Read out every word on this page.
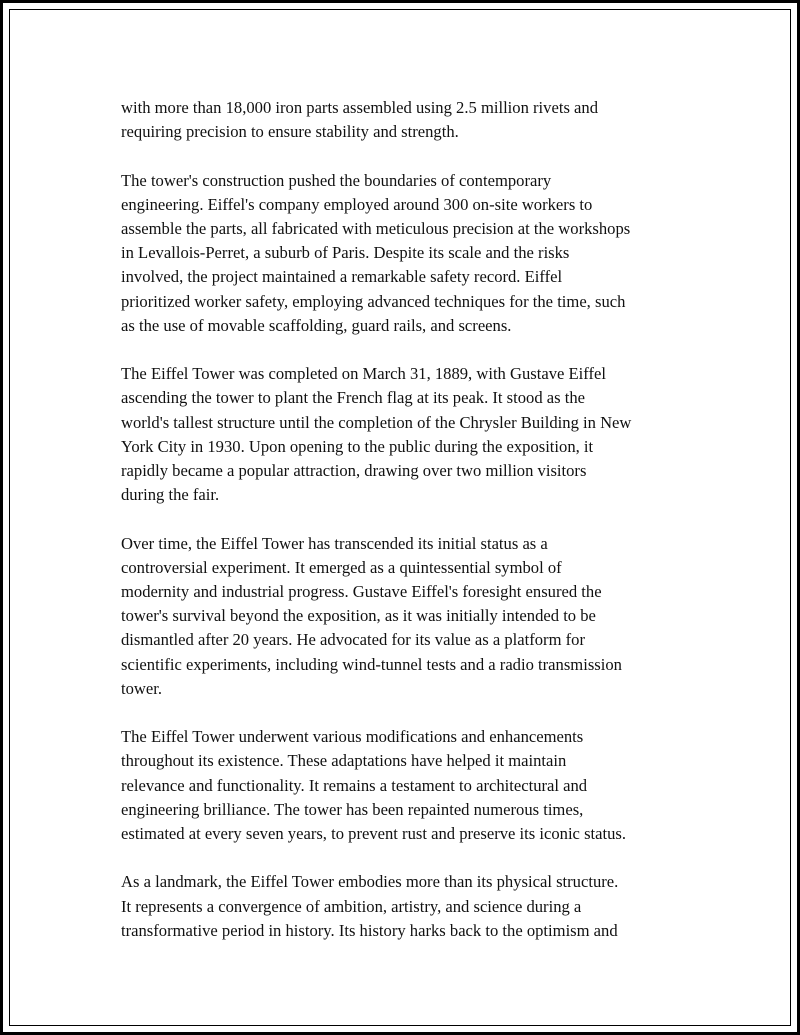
with more than 18,000 iron parts assembled using 2.5 million rivets and
requiring precision to ensure stability and strength.

The tower's construction pushed the boundaries of contemporary
engineering. Eiffel's company employed around 300 on-site workers to
assemble the parts, all fabricated with meticulous precision at the workshops
in Levallois-Perret, a suburb of Paris. Despite its scale and the risks
involved, the project maintained a remarkable safety record. Eiffel
prioritized worker safety, employing advanced techniques for the time, such
as the use of movable scaffolding, guard rails, and screens.

The Eiffel Tower was completed on March 31, 1889, with Gustave Eiffel
ascending the tower to plant the French flag at its peak. It stood as the
world's tallest structure until the completion of the Chrysler Building in New
York City in 1930. Upon opening to the public during the exposition, it
rapidly became a popular attraction, drawing over two million visitors
during the fair.

Over time, the Eiffel Tower has transcended its initial status as a
controversial experiment. It emerged as a quintessential symbol of
modernity and industrial progress. Gustave Eiffel's foresight ensured the
tower's survival beyond the exposition, as it was initially intended to be
dismantled after 20 years. He advocated for its value as a platform for
scientific experiments, including wind-tunnel tests and a radio transmission
tower.

The Eiffel Tower underwent various modifications and enhancements
throughout its existence. These adaptations have helped it maintain
relevance and functionality. It remains a testament to architectural and
engineering brilliance. The tower has been repainted numerous times,
estimated at every seven years, to prevent rust and preserve its iconic status.

As a landmark, the Eiffel Tower embodies more than its physical structure.
It represents a convergence of ambition, artistry, and science during a
transformative period in history. Its history harks back to the optimism and
